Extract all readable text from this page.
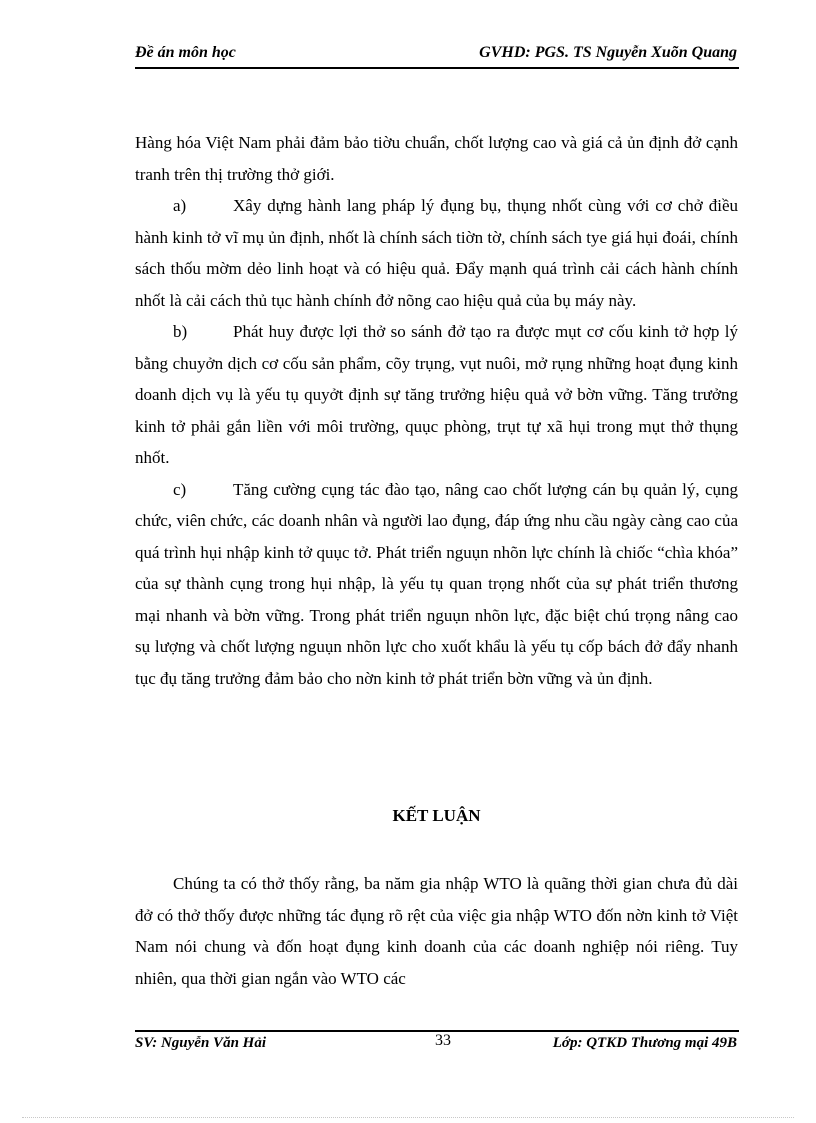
Đề án môn học	GVHD: PGS. TS Nguyễn Xuõn Quang

Hàng hóa Việt Nam phải đảm bảo tiờu chuẩn, chốt lượng cao và giá cả ủn định đở cạnh tranh trên thị trường thở giới.

a)	Xây dựng hành lang pháp lý đụng bụ, thụng nhốt cùng với cơ chở điều hành kinh tở vĩ mụ ủn định, nhốt là chính sách tiờn tờ, chính sách tye giá hụi đoái, chính sách thốu mờm dẻo linh hoạt và có hiệu quả. Đẩy mạnh quá trình cải cách hành chính nhốt là cải cách thủ tục hành chính đở nõng cao hiệu quả của bụ máy này.

b)	Phát huy được lợi thở so sánh đở tạo ra được mụt cơ cốu kinh tở hợp lý bằng chuyởn dịch cơ cốu sản phẩm, cõy trụng, vụt nuôi, mở rụng những hoạt đụng kinh doanh dịch vụ là yếu tụ quyởt định sự tăng trưởng hiệu quả vở bờn vững. Tăng trưởng kinh tở phải gắn liền với môi trường, quục phòng, trụt tự xã hụi trong mụt thở thụng nhốt.

c)	Tăng cường cụng tác đào tạo, nâng cao chốt lượng cán bụ quản lý, cụng chức, viên chức, các doanh nhân và người lao đụng, đáp ứng nhu cầu ngày càng cao của quá trình hụi nhập kinh tở quục tở. Phát triển nguụn nhõn lực chính là chiốc “chìa khóa” của sự thành cụng trong hụi nhập, là yếu tụ quan trọng nhốt của sự phát triển thương mại nhanh và bờn vững. Trong phát triển nguụn nhõn lực, đặc biệt chú trọng nâng cao sụ lượng và chốt lượng nguụn nhõn lực cho xuốt khẩu là yếu tụ cốp bách đở đẩy nhanh tục đụ tăng trưởng đảm bảo cho nờn kinh tở phát triển bờn vững và ủn định.

KẾT LUẬN

Chúng ta có thở thốy rằng, ba năm gia nhập WTO là quãng thời gian chưa đủ dài đở có thở thốy được những tác đụng rõ rệt của việc gia nhập WTO đốn nờn kinh tở Việt Nam nói chung và đốn hoạt đụng kinh doanh của các doanh nghiệp nói riêng. Tuy nhiên, qua thời gian ngắn vào WTO các

SV: Nguyễn Văn Hải	33	Lớp: QTKD Thương mại 49B
